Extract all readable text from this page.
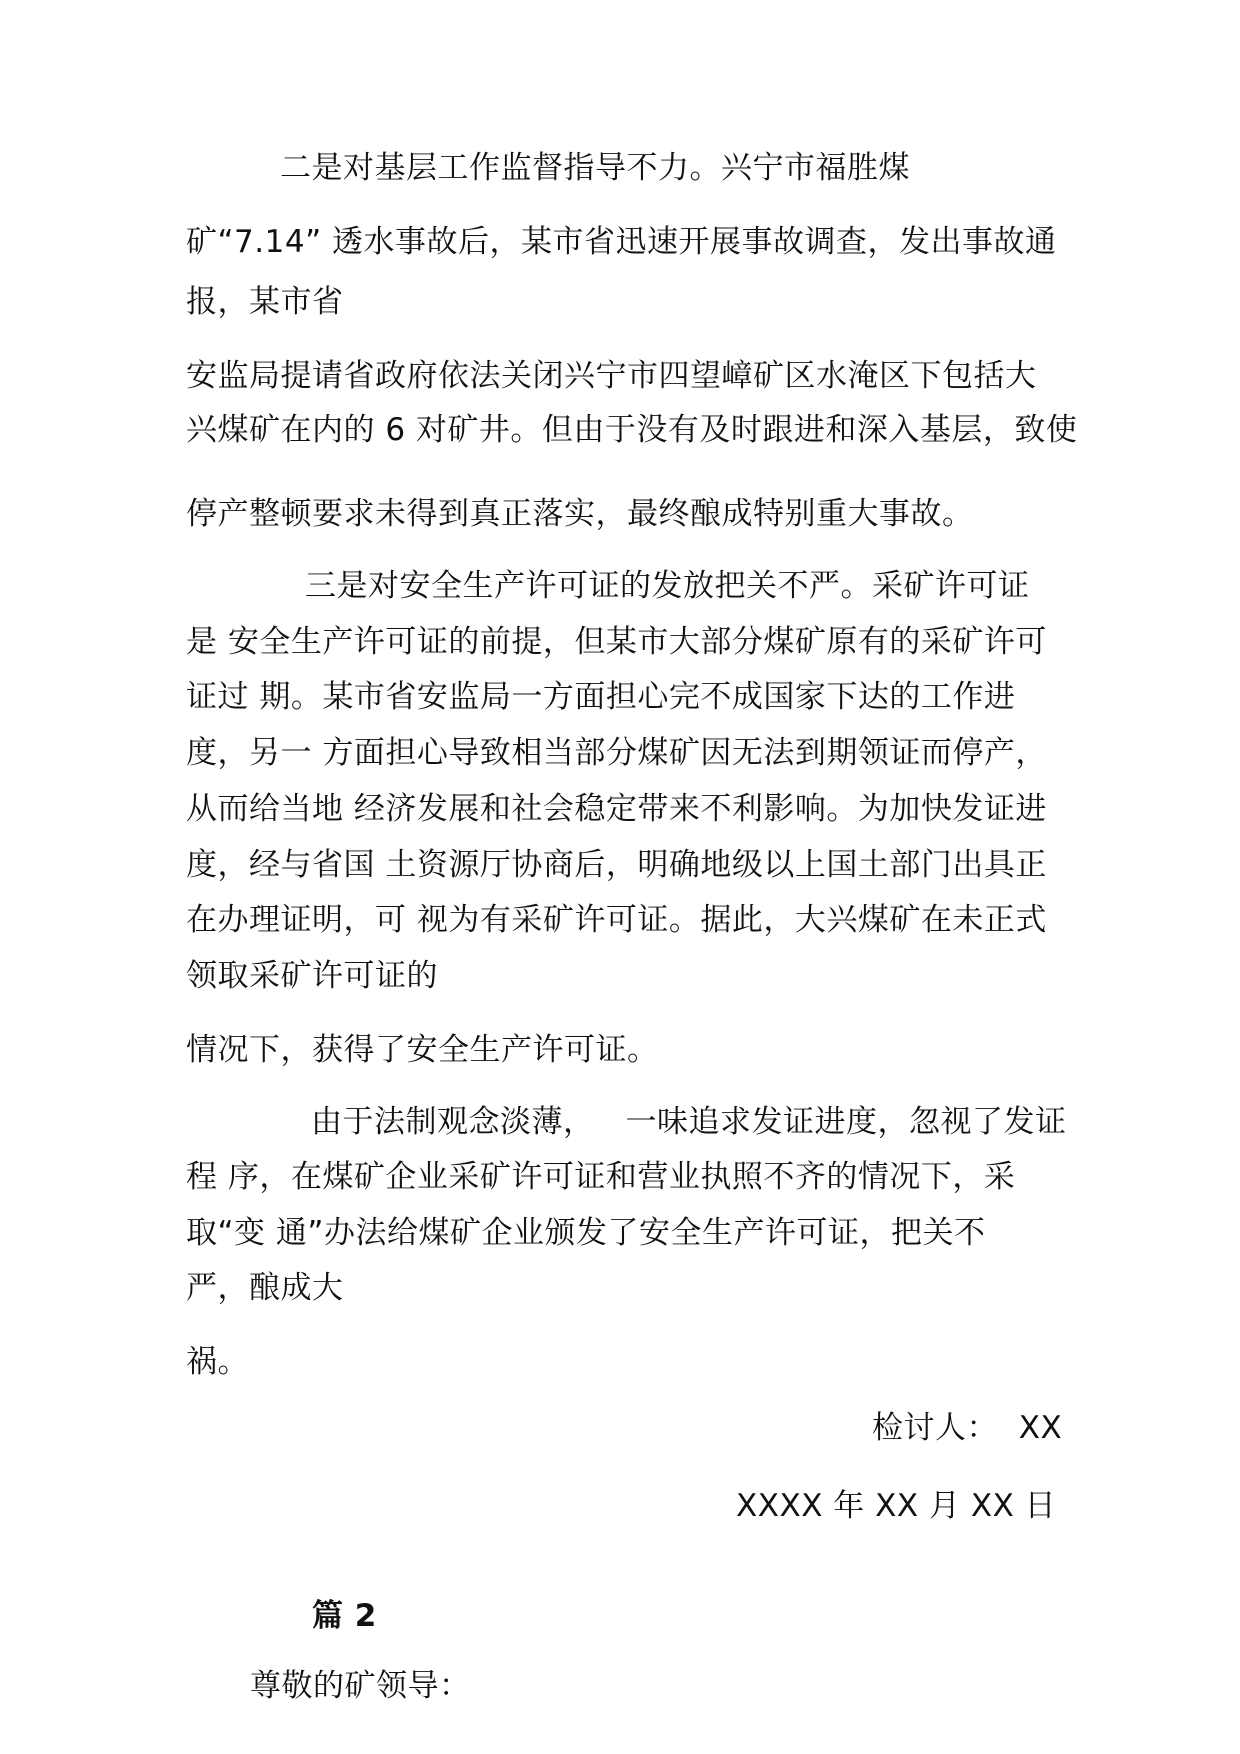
二是对基层工作监督指导不力。兴宁市福胜煤
矿“7.14” 透水事故后，某市省迅速开展事故调查，发出事故通
报，某市省
安监局提请省政府依法关闭兴宁市四望嶂矿区水淹区下包括大
兴煤矿在内的 6 对矿井。但由于没有及时跟进和深入基层，致使
停产整顿要求未得到真正落实，最终酿成特别重大事故。
三是对安全生产许可证的发放把关不严。采矿许可证
是 安全生产许可证的前提，但某市大部分煤矿原有的采矿许可
证过 期。某市省安监局一方面担心完不成国家下达的工作进
度，另一 方面担心导致相当部分煤矿因无法到期领证而停产，
从而给当地 经济发展和社会稳定带来不利影响。为加快发证进
度，经与省国 土资源厅协商后，明确地级以上国土部门出具正
在办理证明，可 视为有采矿许可证。据此，大兴煤矿在未正式
领取采矿许可证的
情况下，获得了安全生产许可证。
由于法制观念淡薄，   一味追求发证进度，忽视了发证
程 序，在煤矿企业采矿许可证和营业执照不齐的情况下，采
取“变 通”办法给煤矿企业颁发了安全生产许可证，把关不
严，酿成大
祸。
检讨人：  XX
XXXX 年 XX 月 XX 日
篇 2
尊敬的矿领导：
